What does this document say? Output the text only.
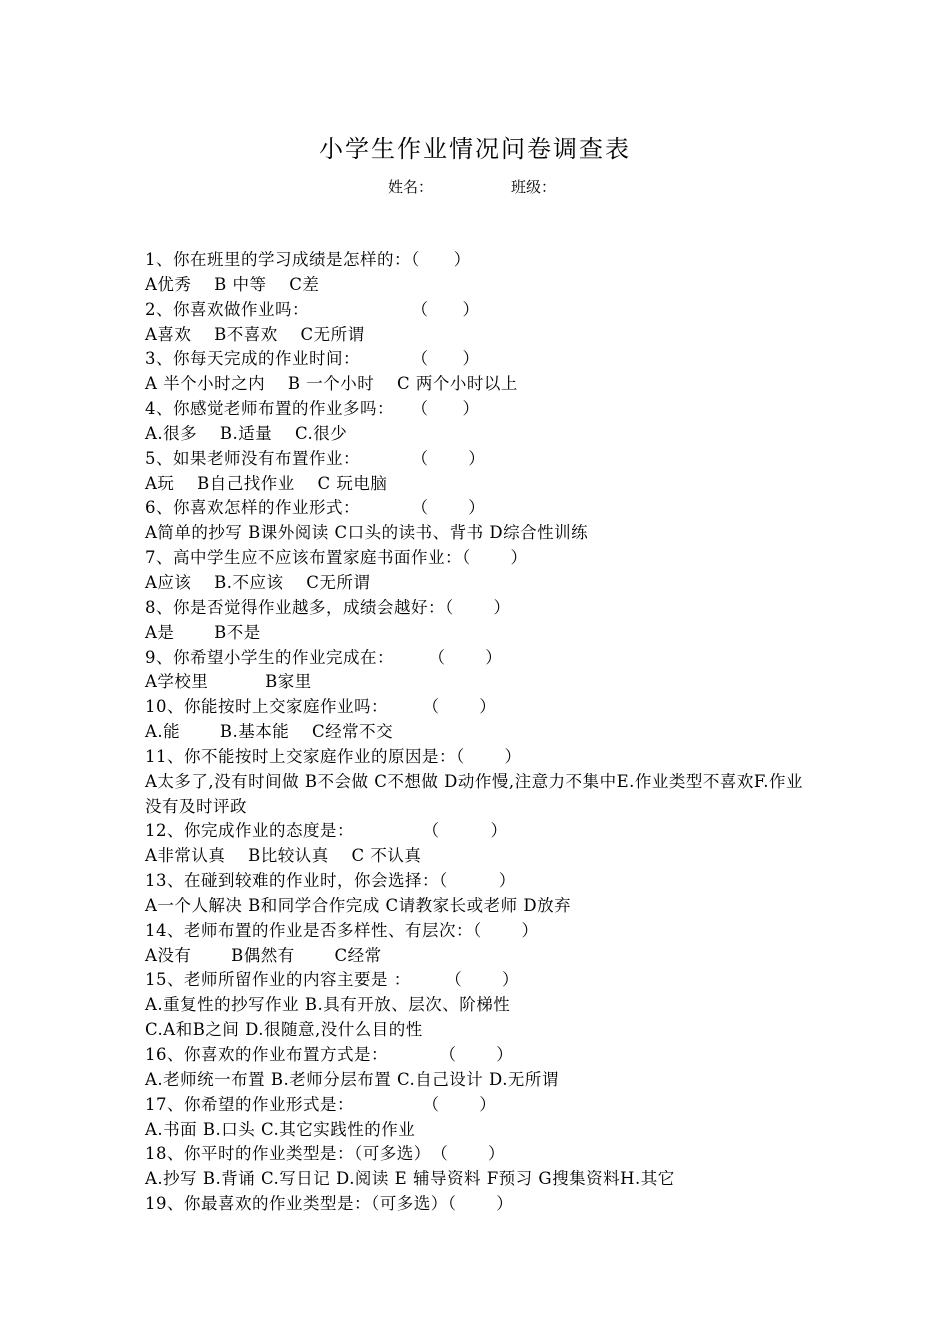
小学生作业情况问卷调查表
姓名：	班级：
1、你在班里的学习成绩是怎样的：（　　）
A优秀　 B 中等　 C差
2、你喜欢做作业吗：　　　　　　　（　　）
A喜欢　 B不喜欢　 C无所谓
3、你每天完成的作业时间：　　　　（　　）
A 半个小时之内　 B 一个小时　 C 两个小时以上
4、你感觉老师布置的作业多吗：　　（　　）
A.很多　 B.适量　 C.很少
5、如果老师没有布置作业：　　　　（　　 ）
A玩　 B自己找作业　 C 玩电脑
6、你喜欢怎样的作业形式：　　　　（　　 ）
A简单的抄写 B课外阅读 C口头的读书、背书 D综合性训练
7、高中学生应不应该布置家庭书面作业：（　　 ）
A应该　 B.不应该　 C无所谓
8、你是否觉得作业越多，成绩会越好：（　　 ）
A是　　 B不是
9、你希望小学生的作业完成在：　　　（　　 ）
A学校里　　　 B家里
10、你能按时上交家庭作业吗：　　　（　　 ）
A.能　　 B.基本能　 C经常不交
11、你不能按时上交家庭作业的原因是：（　　 ）
A太多了,没有时间做 B不会做 C不想做 D动作慢,注意力不集中E.作业类型不喜欢F.作业没有及时评政
12、你完成作业的态度是：　　　　　（　　　）
A非常认真　 B比较认真　 C 不认真
13、在碰到较难的作业时，你会选择：（　　　）
A一个人解决 B和同学合作完成 C请教家长或老师 D放弃
14、老师布置的作业是否多样性、有层次：（　　 ）
A没有　　 B偶然有　　 C经常
15、老师所留作业的内容主要是 ：　　　（　　 ）
A.重复性的抄写作业 B.具有开放、层次、阶梯性
C.A和B之间 D.很随意,没什么目的性
16、你喜欢的作业布置方式是：　　　　（　　 ）
A.老师统一布置 B.老师分层布置 C.自己设计 D.无所谓
17、你希望的作业形式是：　　　　　（　　 ）
A.书面 B.口头 C.其它实践性的作业
18、你平时的作业类型是：（可多选）　（　　 ）
A.抄写 B.背诵 C.写日记 D.阅读 E 辅导资料 F预习 G搜集资料H.其它
19、你最喜欢的作业类型是：（可多选）（　　 ）
